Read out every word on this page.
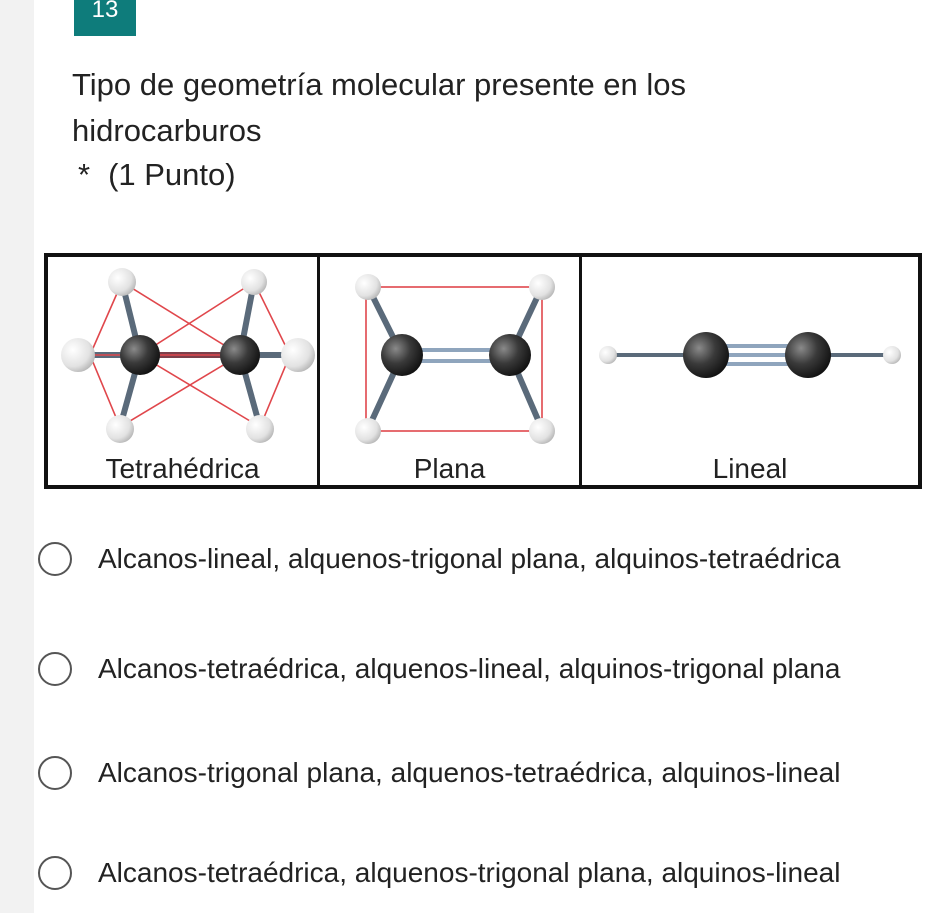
13
Tipo de geometría molecular presente en los hidrocarburos
* (1 Punto)
Tetrahédrica	Plana	Lineal
Alcanos-lineal, alquenos-trigonal plana, alquinos-tetraédrica
Alcanos-tetraédrica, alquenos-lineal, alquinos-trigonal plana
Alcanos-trigonal plana, alquenos-tetraédrica, alquinos-lineal
Alcanos-tetraédrica, alquenos-trigonal plana, alquinos-lineal
